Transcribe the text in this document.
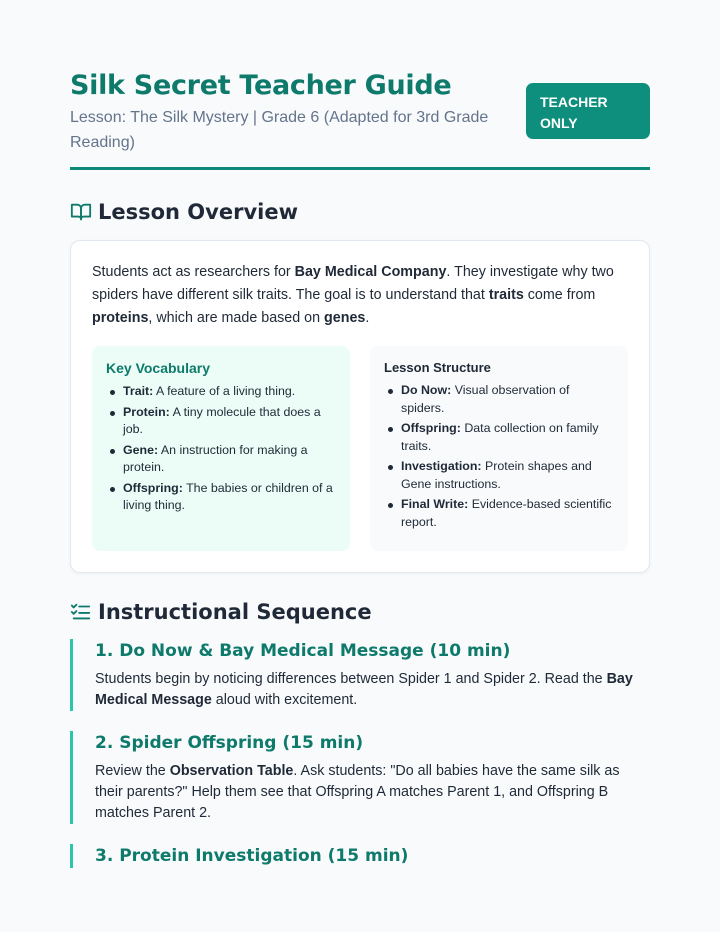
Silk Secret Teacher Guide
Lesson: The Silk Mystery | Grade 6 (Adapted for 3rd Grade Reading)
TEACHER ONLY
Lesson Overview

Students act as researchers for Bay Medical Company. They investigate why two spiders have different silk traits. The goal is to understand that traits come from proteins, which are made based on genes.

Key Vocabulary
Trait: A feature of a living thing.
Protein: A tiny molecule that does a job.
Gene: An instruction for making a protein.
Offspring: The babies or children of a living thing.
Lesson Structure
Do Now: Visual observation of spiders.
Offspring: Data collection on family traits.
Investigation: Protein shapes and Gene instructions.
Final Write: Evidence-based scientific report.
Instructional Sequence
1. Do Now & Bay Medical Message (10 min)

Students begin by noticing differences between Spider 1 and Spider 2. Read the Bay Medical Message aloud with excitement.

2. Spider Offspring (15 min)

Review the Observation Table. Ask students: "Do all babies have the same silk as their parents?" Help them see that Offspring A matches Parent 1, and Offspring B matches Parent 2.

3. Protein Investigation (15 min)
